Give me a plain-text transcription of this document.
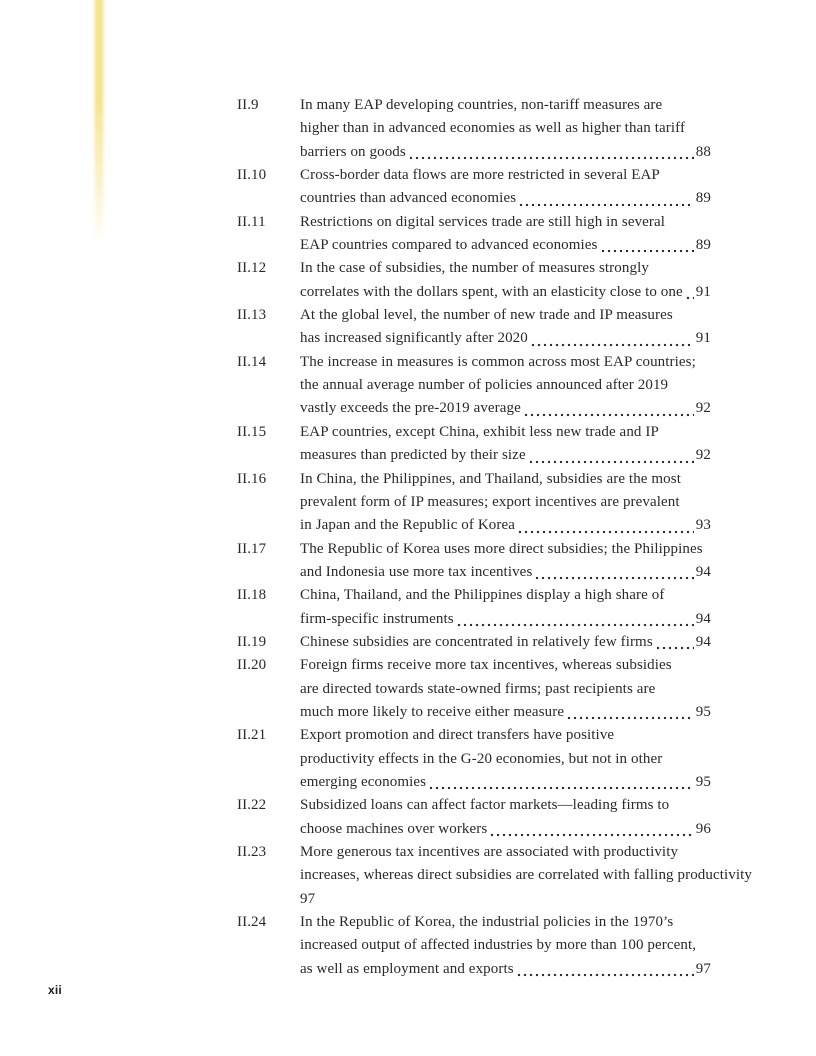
II.9	In many EAP developing countries, non-tariff measures are
higher than in advanced economies as well as higher than tariff
barriers on goods	88
II.10	Cross-border data flows are more restricted in several EAP
countries than advanced economies	89
II.11	Restrictions on digital services trade are still high in several
EAP countries compared to advanced economies	89
II.12	In the case of subsidies, the number of measures strongly
correlates with the dollars spent, with an elasticity close to one 91
II.13	At the global level, the number of new trade and IP measures
has increased significantly after 2020	91
II.14	The increase in measures is common across most EAP countries;
the annual average number of policies announced after 2019
vastly exceeds the pre-2019 average	92
II.15	EAP countries, except China, exhibit less new trade and IP
measures than predicted by their size	92
II.16	In China, the Philippines, and Thailand, subsidies are the most
prevalent form of IP measures; export incentives are prevalent
in Japan and the Republic of Korea	93
II.17	The Republic of Korea uses more direct subsidies; the Philippines
and Indonesia use more tax incentives	94
II.18	China, Thailand, and the Philippines display a high share of
firm-specific instruments	94
II.19	Chinese subsidies are concentrated in relatively few firms	94
II.20	Foreign firms receive more tax incentives, whereas subsidies
are directed towards state-owned firms; past recipients are
much more likely to receive either measure	95
II.21	Export promotion and direct transfers have positive
productivity effects in the G-20 economies, but not in other
emerging economies	95
II.22	Subsidized loans can affect factor markets—leading firms to
choose machines over workers	96
II.23	More generous tax incentives are associated with productivity
increases, whereas direct subsidies are correlated with falling productivity
97
II.24	In the Republic of Korea, the industrial policies in the 1970’s
increased output of affected industries by more than 100 percent,
as well as employment and exports	97
xii
